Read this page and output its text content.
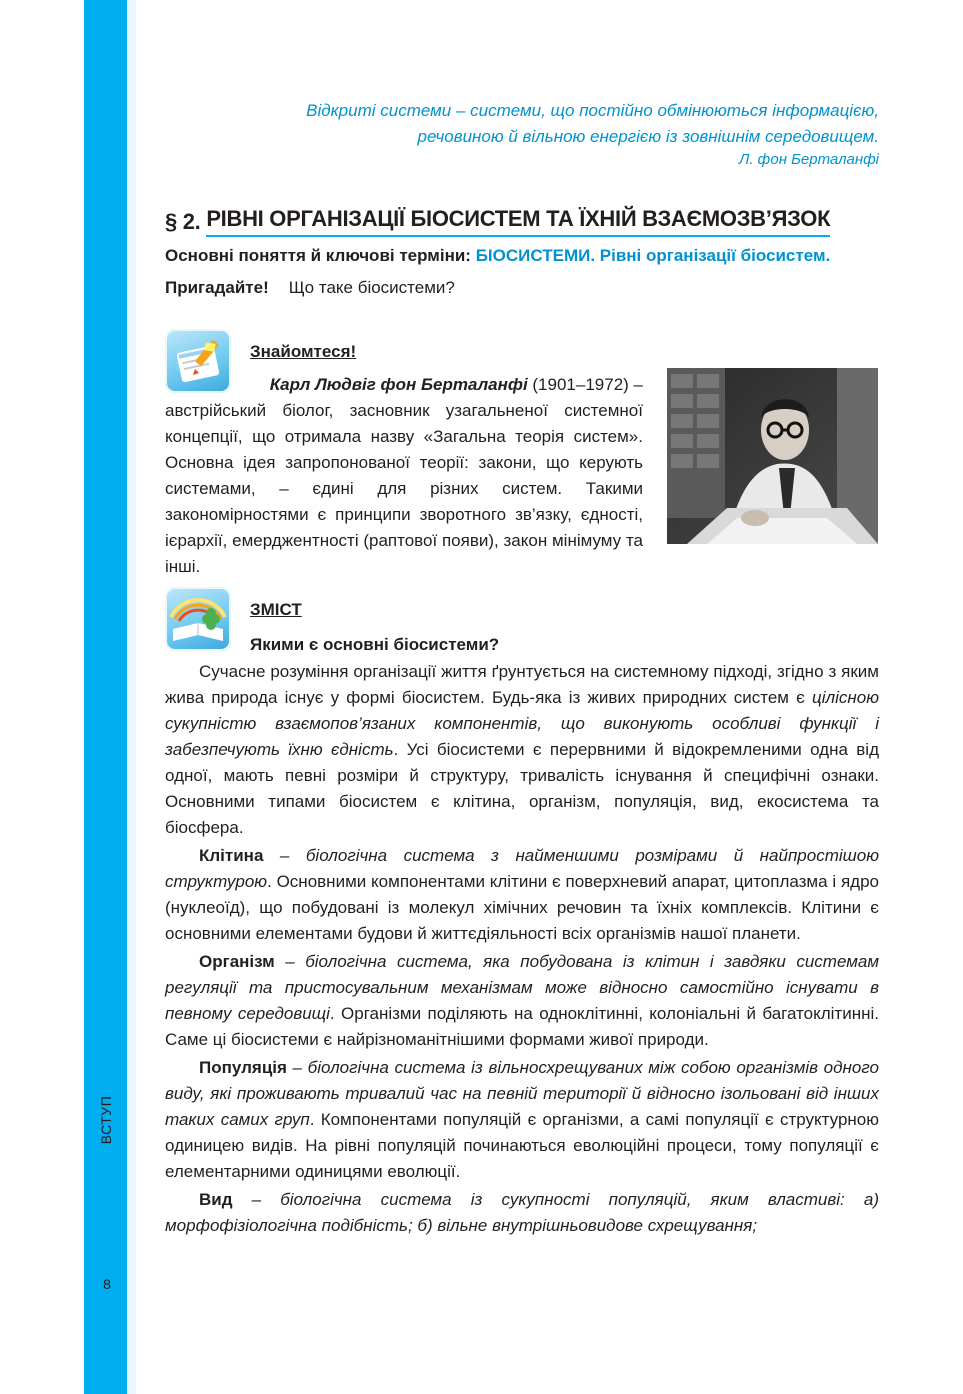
ВСТУП
8
Відкриті системи – системи, що постійно обмінюються інформацією,
речовиною й вільною енергією із зовнішнім середовищем.
Л. фон Берталанфі
§ 2.
РІВНІ ОРГАНІЗАЦІЇ БІОСИСТЕМ ТА ЇХНІЙ ВЗАЄМОЗВ’ЯЗОК
Основні поняття й ключові терміни: БІОСИСТЕМИ. Рівні організації біосистем.
Пригадайте! Що таке біосистеми?
Знайомтеся!

Карл Людвіг фон Берталанфі (1901–1972) –

австрійський біолог, засновник узагальненої системної концепції, що отримала назву «Загальна теорія систем». Основна ідея запропонованої теорії: закони, що керують системами, – єдині для різних систем. Такими закономірностями є принципи зворотного зв’язку, єдності, ієрархії, емерджентності (раптової появи), закон мінімуму та інші.

ЗМІСТ
Якими є основні біосистеми?

Сучасне розуміння організації життя ґрунтується на системному підході, згідно з яким жива природа існує у формі біосистем. Будь-яка із живих природних систем є цілісною сукупністю взаємопов’язаних компонентів, що виконують особливі функції і забезпечують їхню єдність. Усі біосистеми є перервними й відокремленими одна від одної, мають певні розміри й структуру, тривалість існування й специфічні ознаки. Основними типами біосистем є клітина, організм, популяція, вид, екосистема та біосфера.

Клітина – біологічна система з найменшими розмірами й найпростішою структурою. Основними компонентами клітини є поверхневий апарат, цитоплазма і ядро (нуклеоїд), що побудовані із молекул хімічних речовин та їхніх комплексів. Клітини є основними елементами будови й життєдіяльності всіх організмів нашої планети.

Організм – біологічна система, яка побудована із клітин і завдяки системам регуляції та пристосувальним механізмам може відносно самостійно існувати в певному середовищі. Організми поділяють на одноклітинні, колоніальні й багатоклітинні. Саме ці біосистеми є найрізноманітнішими формами живої природи.

Популяція – біологічна система із вільносхрещуваних між собою організмів одного виду, які проживають тривалий час на певній території й відносно ізольовані від інших таких самих груп. Компонентами популяцій є організми, а самі популяції є структурною одиницею видів. На рівні популяцій починаються еволюційні процеси, тому популяції є елементарними одиницями еволюції.

Вид – біологічна система із сукупності популяцій, яким властиві: а) морфофізіологічна подібність; б) вільне внутрішньовидове схрещування;
